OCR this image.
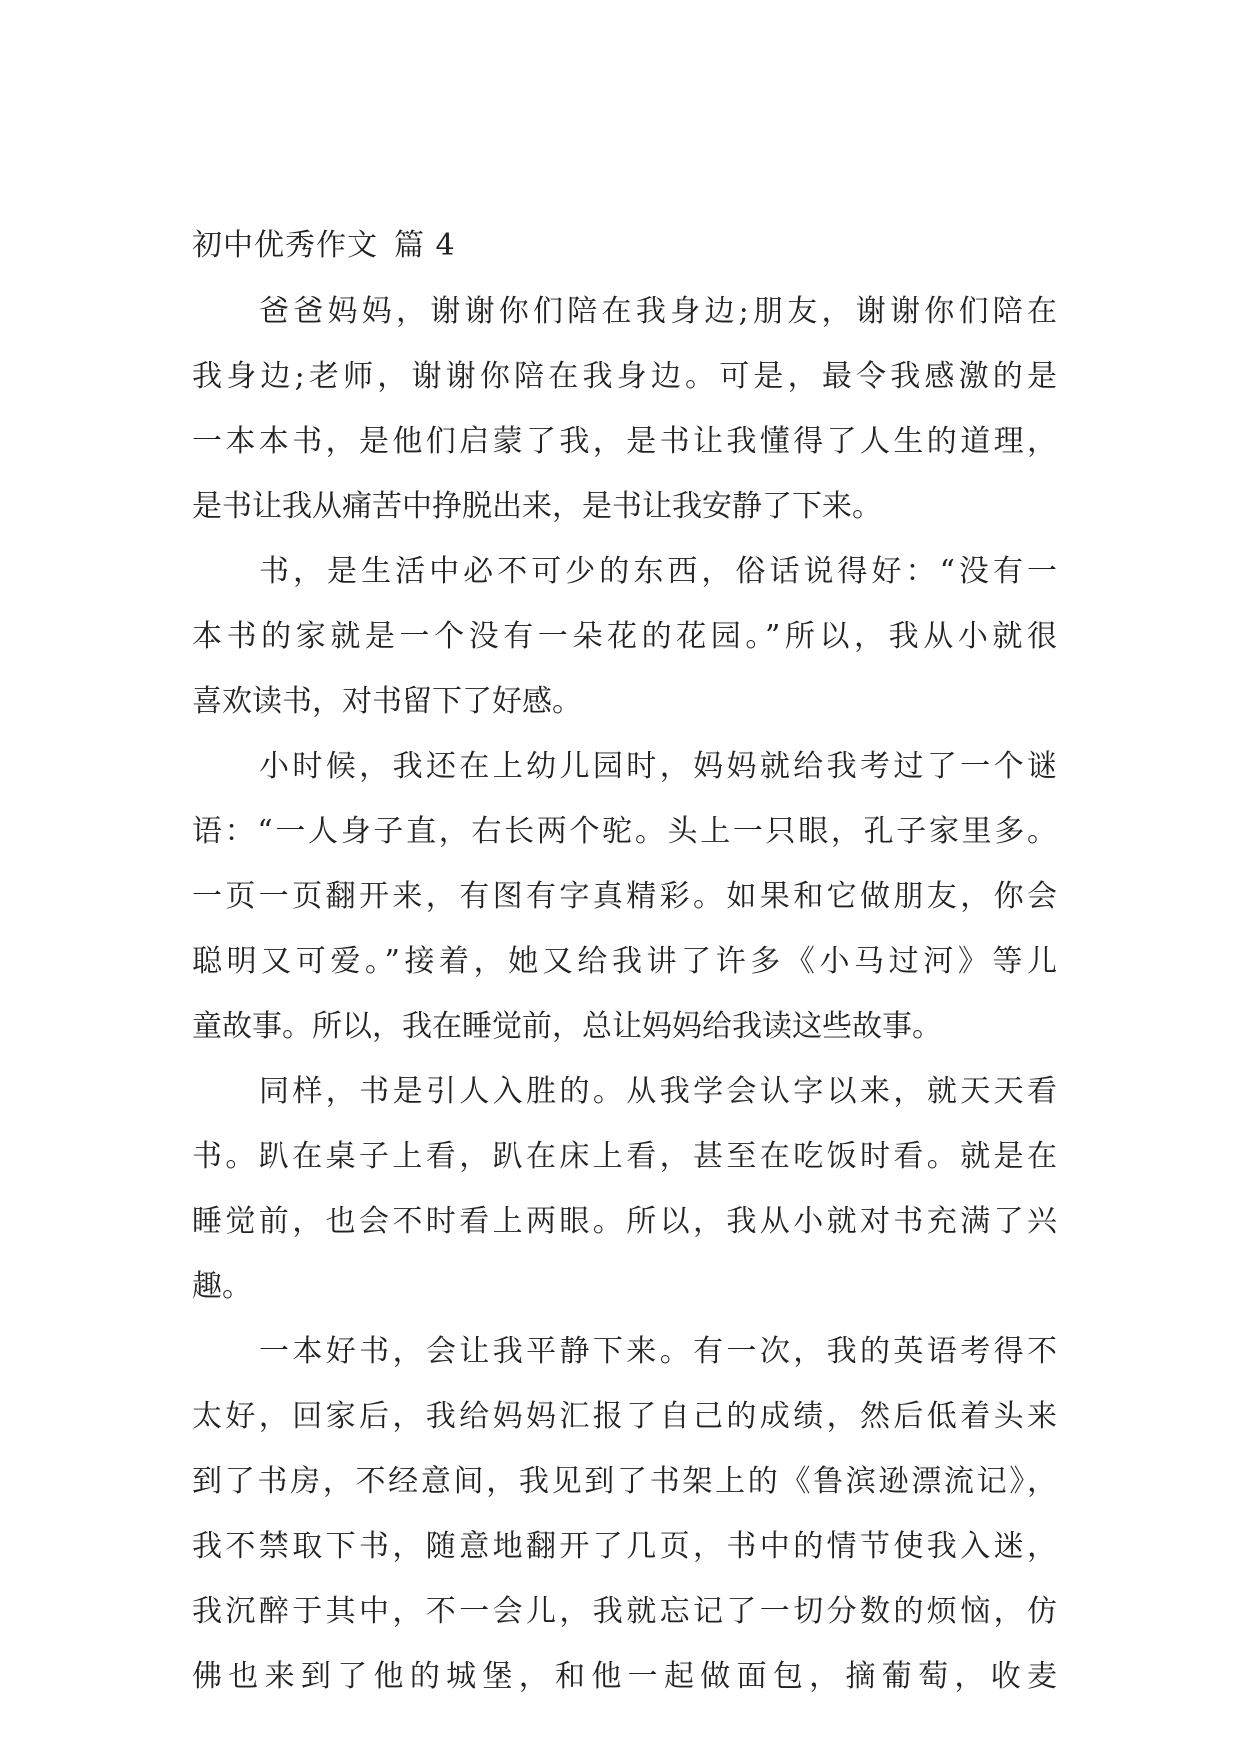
初中优秀作文 篇 4
爸爸妈妈，谢谢你们陪在我身边;朋友，谢谢你们陪在
我身边;老师，谢谢你陪在我身边。可是，最令我感激的是
一本本书，是他们启蒙了我，是书让我懂得了人生的道理，
是书让我从痛苦中挣脱出来，是书让我安静了下来。
书，是生活中必不可少的东西，俗话说得好：“没有一
本书的家就是一个没有一朵花的花园。”所以，我从小就很
喜欢读书，对书留下了好感。
小时候，我还在上幼儿园时，妈妈就给我考过了一个谜
语：“一人身子直，右长两个驼。头上一只眼，孔子家里多。
一页一页翻开来，有图有字真精彩。如果和它做朋友，你会
聪明又可爱。”接着，她又给我讲了许多《小马过河》等儿
童故事。所以，我在睡觉前，总让妈妈给我读这些故事。
同样，书是引人入胜的。从我学会认字以来，就天天看
书。趴在桌子上看，趴在床上看，甚至在吃饭时看。就是在
睡觉前，也会不时看上两眼。所以，我从小就对书充满了兴
趣。
一本好书，会让我平静下来。有一次，我的英语考得不
太好，回家后，我给妈妈汇报了自己的成绩，然后低着头来
到了书房，不经意间，我见到了书架上的《鲁滨逊漂流记》，
我不禁取下书，随意地翻开了几页，书中的情节使我入迷，
我沉醉于其中，不一会儿，我就忘记了一切分数的烦恼，仿
佛也来到了他的城堡，和他一起做面包，摘葡萄，收麦
